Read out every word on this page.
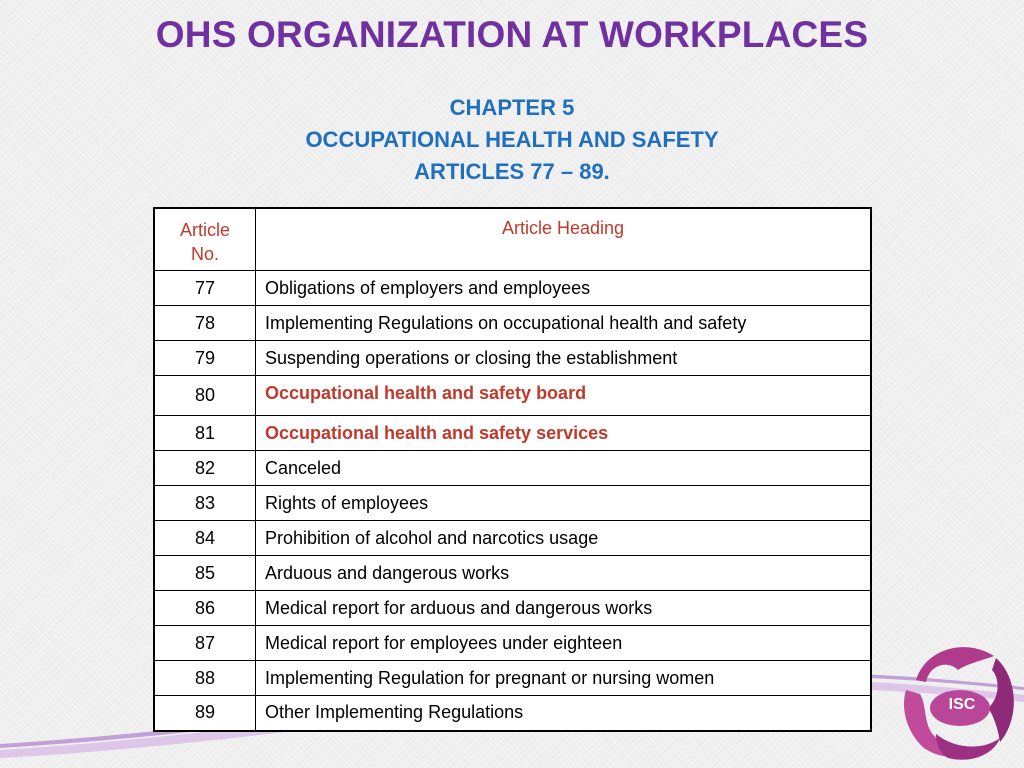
ISC
OHS ORGANIZATION AT WORKPLACES
CHAPTER 5
OCCUPATIONAL HEALTH AND SAFETY
ARTICLES 77 – 89.
Article
No.	Article Heading
77	Obligations of employers and employees
78	Implementing Regulations on occupational health and safety
79	Suspending operations or closing the establishment
80	Occupational health and safety board
81	Occupational health and safety services
82	Canceled
83	Rights of employees
84	Prohibition of alcohol and narcotics usage
85	Arduous and dangerous works
86	Medical report for arduous and dangerous works
87	Medical report for employees under eighteen
88	Implementing Regulation for pregnant or nursing women
89	Other Implementing Regulations
